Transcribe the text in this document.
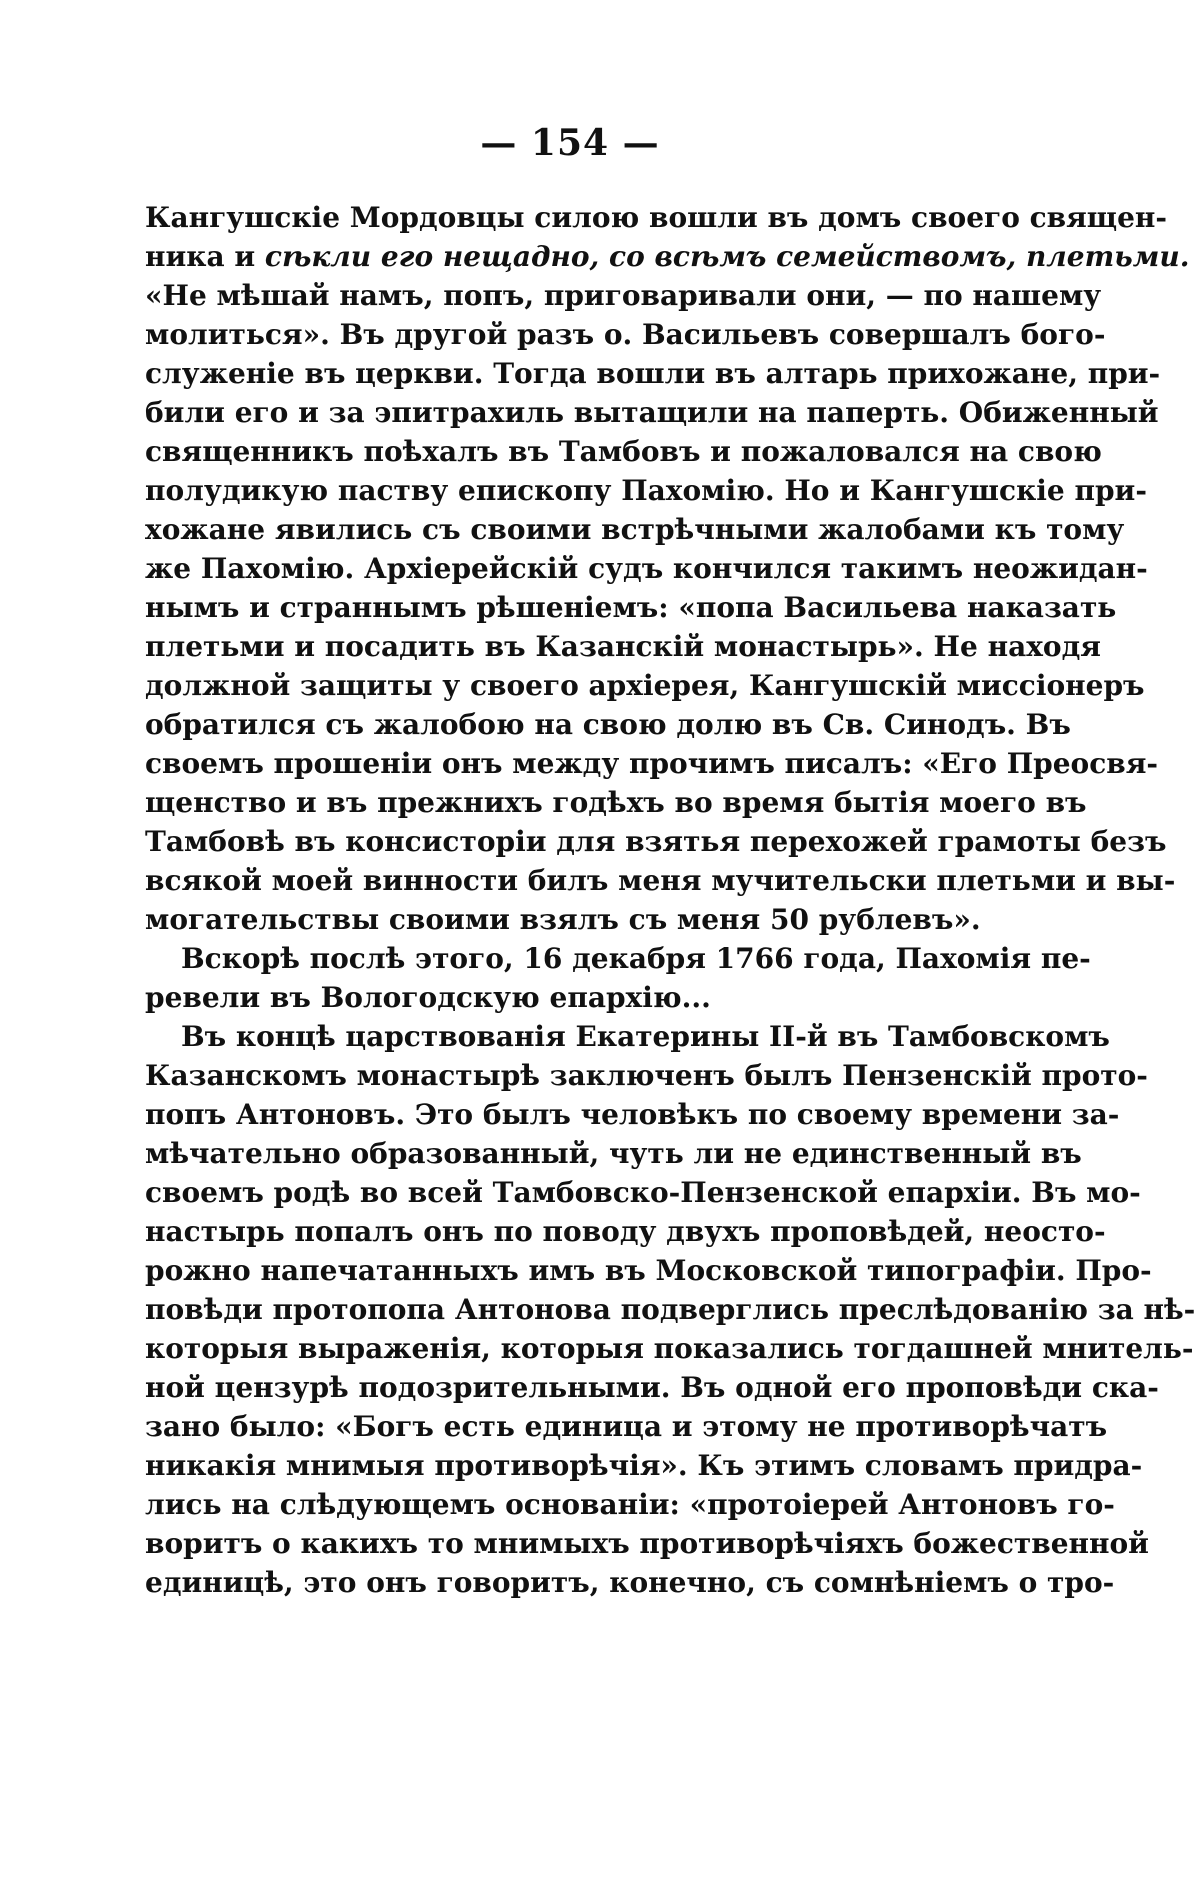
— 154 —
Кангушскіе Мордовцы силою вошли въ домъ своего священ-
ника и сѣкли его нещадно, со всѣмъ семействомъ, плетьми.
«Не мѣшай намъ, попъ, приговаривали они, — по нашему
молиться». Въ другой разъ о. Васильевъ совершалъ бого-
служеніе въ церкви. Тогда вошли въ алтарь прихожане, при-
били его и за эпитрахиль вытащили на паперть. Обиженный
священникъ поѣхалъ въ Тамбовъ и пожаловался на свою
полудикую паству епископу Пахомію. Но и Кангушскіе при-
хожане явились съ своими встрѣчными жалобами къ тому
же Пахомію. Архіерейскій судъ кончился такимъ неожидан-
нымъ и страннымъ рѣшеніемъ: «попа Васильева наказать
плетьми и посадить въ Казанскій монастырь». Не находя
должной защиты у своего архіерея, Кангушскій миссіонеръ
обратился съ жалобою на свою долю въ Св. Синодъ. Въ
своемъ прошеніи онъ между прочимъ писалъ: «Его Преосвя-
щенство и въ прежнихъ годѣхъ во время бытія моего въ
Тамбовѣ въ консисторіи для взятья перехожей грамоты безъ
всякой моей винности билъ меня мучительски плетьми и вы-
могательствы своими взялъ съ меня 50 рублевъ».
Вскорѣ послѣ этого, 16 декабря 1766 года, Пахомія пе-
ревели въ Вологодскую епархію...
Въ концѣ царствованія Екатерины II-й въ Тамбовскомъ
Казанскомъ монастырѣ заключенъ былъ Пензенскій прото-
попъ Антоновъ. Это былъ человѣкъ по своему времени за-
мѣчательно образованный, чуть ли не единственный въ
своемъ родѣ во всей Тамбовско-Пензенской епархіи. Въ мо-
настырь попалъ онъ по поводу двухъ проповѣдей, неосто-
рожно напечатанныхъ имъ въ Московской типографіи. Про-
повѣди протопопа Антонова подверглись преслѣдованію за нѣ-
которыя выраженія, которыя показались тогдашней мнитель-
ной цензурѣ подозрительными. Въ одной его проповѣди ска-
зано было: «Богъ есть единица и этому не противорѣчатъ
никакія мнимыя противорѣчія». Къ этимъ словамъ придра-
лись на слѣдующемъ основаніи: «протоіерей Антоновъ го-
воритъ о какихъ то мнимыхъ противорѣчіяхъ божественной
единицѣ, это онъ говоритъ, конечно, съ сомнѣніемъ о тро-
